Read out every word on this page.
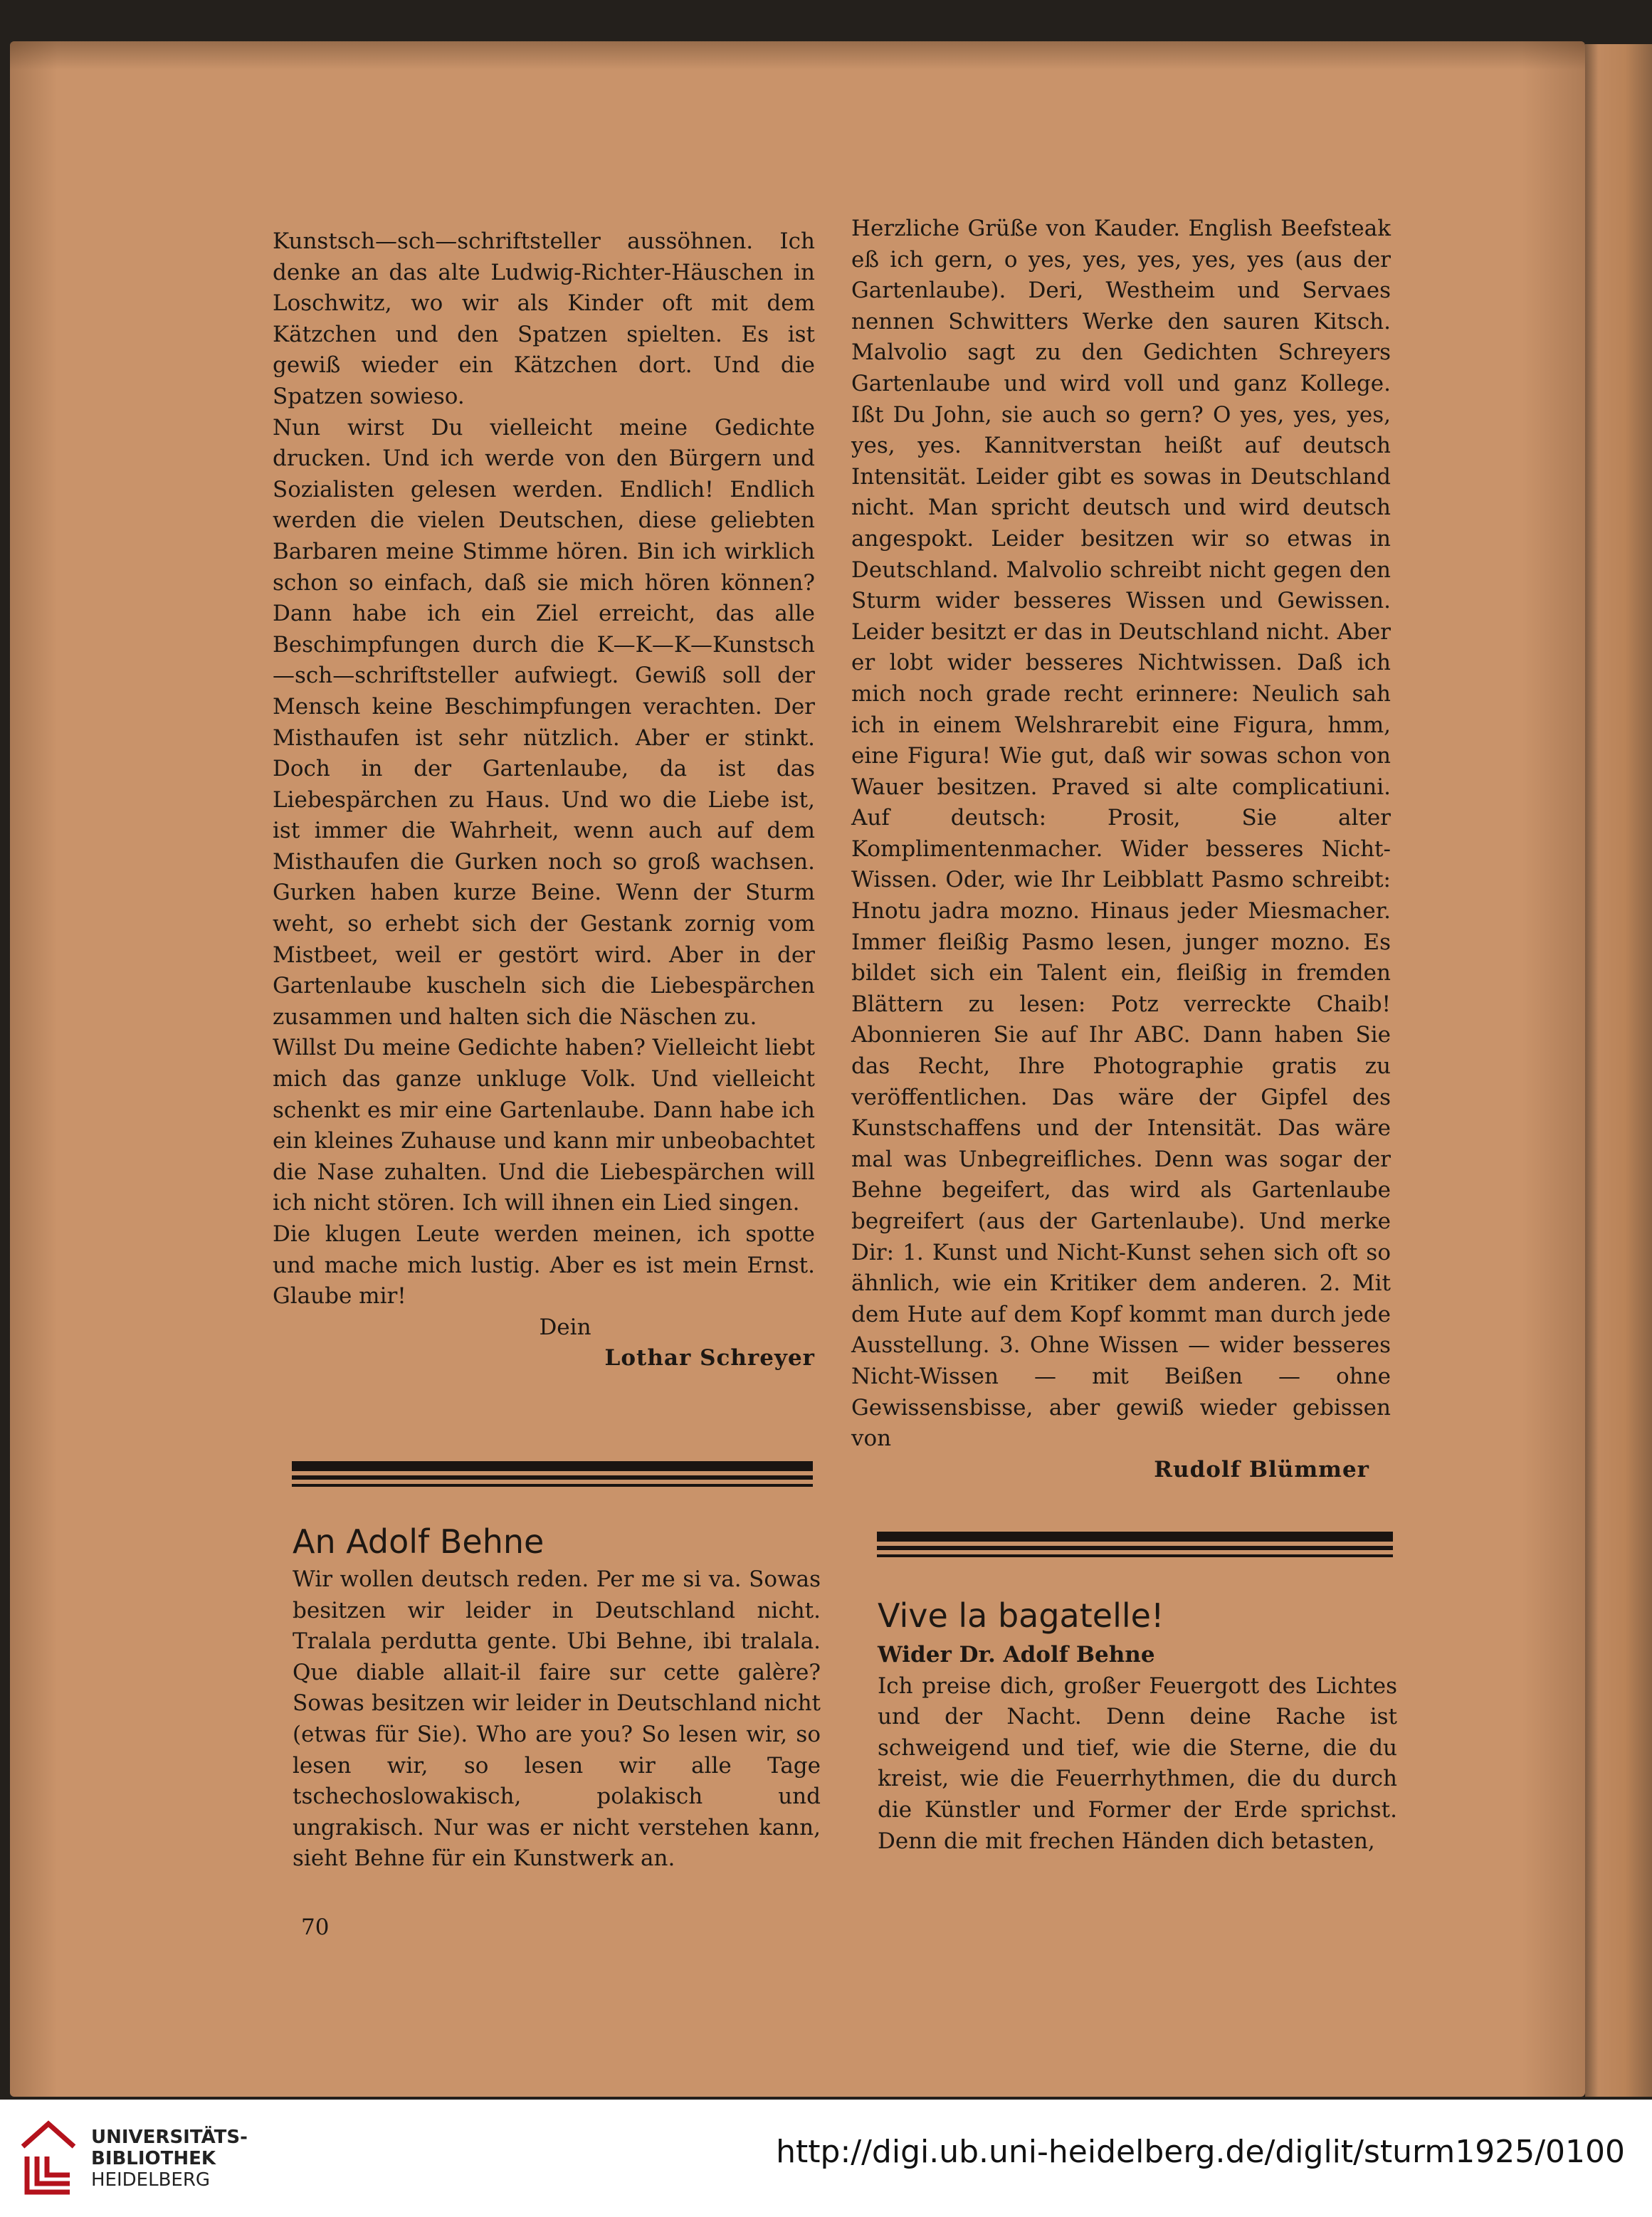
Kunstsch—sch—schriftsteller aussöhnen. Ich denke an das alte Ludwig-Richter-Häuschen in Loschwitz, wo wir als Kinder oft mit dem Kätzchen und den Spatzen spielten. Es ist gewiß wieder ein Kätzchen dort. Und die Spatzen sowieso.

Nun wirst Du vielleicht meine Gedichte drucken. Und ich werde von den Bürgern und Sozialisten gelesen werden. Endlich! Endlich werden die vielen Deutschen, diese geliebten Barbaren meine Stimme hören. Bin ich wirklich schon so einfach, daß sie mich hören können? Dann habe ich ein Ziel erreicht, das alle Beschimpfungen durch die K—K—K—Kunstsch—sch—schriftsteller aufwiegt. Gewiß soll der Mensch keine Beschimpfungen verachten. Der Misthaufen ist sehr nützlich. Aber er stinkt. Doch in der Gartenlaube, da ist das Liebespärchen zu Haus. Und wo die Liebe ist, ist immer die Wahrheit, wenn auch auf dem Misthaufen die Gurken noch so groß wachsen. Gurken haben kurze Beine. Wenn der Sturm weht, so erhebt sich der Gestank zornig vom Mistbeet, weil er gestört wird. Aber in der Gartenlaube kuscheln sich die Liebespärchen zusammen und halten sich die Näschen zu.

Willst Du meine Gedichte haben? Vielleicht liebt mich das ganze unkluge Volk. Und vielleicht schenkt es mir eine Gartenlaube. Dann habe ich ein kleines Zuhause und kann mir unbeobachtet die Nase zuhalten. Und die Liebespärchen will ich nicht stören. Ich will ihnen ein Lied singen.

Die klugen Leute werden meinen, ich spotte und mache mich lustig. Aber es ist mein Ernst. Glaube mir!

Dein

Lothar Schreyer

An Adolf Behne

Wir wollen deutsch reden. Per me si va. Sowas besitzen wir leider in Deutschland nicht. Tralala perdutta gente. Ubi Behne, ibi tralala. Que diable allait-il faire sur cette galère? Sowas besitzen wir leider in Deutschland nicht (etwas für Sie). Who are you? So lesen wir, so lesen wir, so lesen wir alle Tage tschechoslowakisch, polakisch und ungrakisch. Nur was er nicht verstehen kann, sieht Behne für ein Kunstwerk an.

70

Herzliche Grüße von Kauder. English Beefsteak eß ich gern, o yes, yes, yes, yes, yes (aus der Gartenlaube). Deri, Westheim und Servaes nennen Schwitters Werke den sauren Kitsch. Malvolio sagt zu den Gedichten Schreyers Gartenlaube und wird voll und ganz Kollege. Ißt Du John, sie auch so gern? O yes, yes, yes, yes, yes. Kannitverstan heißt auf deutsch Intensität. Leider gibt es sowas in Deutschland nicht. Man spricht deutsch und wird deutsch angespokt. Leider besitzen wir so etwas in Deutschland. Malvolio schreibt nicht gegen den Sturm wider besseres Wissen und Gewissen. Leider besitzt er das in Deutschland nicht. Aber er lobt wider besseres Nichtwissen. Daß ich mich noch grade recht erinnere: Neulich sah ich in einem Welshrarebit eine Figura, hmm, eine Figura! Wie gut, daß wir sowas schon von Wauer besitzen. Praved si alte complicatiuni. Auf deutsch: Prosit, Sie alter Komplimentenmacher. Wider besseres Nicht-Wissen. Oder, wie Ihr Leibblatt Pasmo schreibt: Hnotu jadra mozno. Hinaus jeder Miesmacher. Immer fleißig Pasmo lesen, junger mozno. Es bildet sich ein Talent ein, fleißig in fremden Blättern zu lesen: Potz verreckte Chaib! Abonnieren Sie auf Ihr ABC. Dann haben Sie das Recht, Ihre Photographie gratis zu veröffentlichen. Das wäre der Gipfel des Kunstschaffens und der Intensität. Das wäre mal was Unbegreifliches. Denn was sogar der Behne begeifert, das wird als Gartenlaube begreifert (aus der Gartenlaube). Und merke Dir: 1. Kunst und Nicht-Kunst sehen sich oft so ähnlich, wie ein Kritiker dem anderen. 2. Mit dem Hute auf dem Kopf kommt man durch jede Ausstellung. 3. Ohne Wissen — wider besseres Nicht-Wissen — mit Beißen — ohne Gewissensbisse, aber gewiß wieder gebissen von

Rudolf Blümmer

Vive la bagatelle!

Wider Dr. Adolf Behne

Ich preise dich, großer Feuergott des Lichtes und der Nacht. Denn deine Rache ist schweigend und tief, wie die Sterne, die du kreist, wie die Feuerrhythmen, die du durch die Künstler und Former der Erde sprichst. Denn die mit frechen Händen dich betasten,

UNIVERSITÄTS-
BIBLIOTHEK
HEIDELBERG
http://digi.ub.uni-heidelberg.de/diglit/sturm1925/0100
